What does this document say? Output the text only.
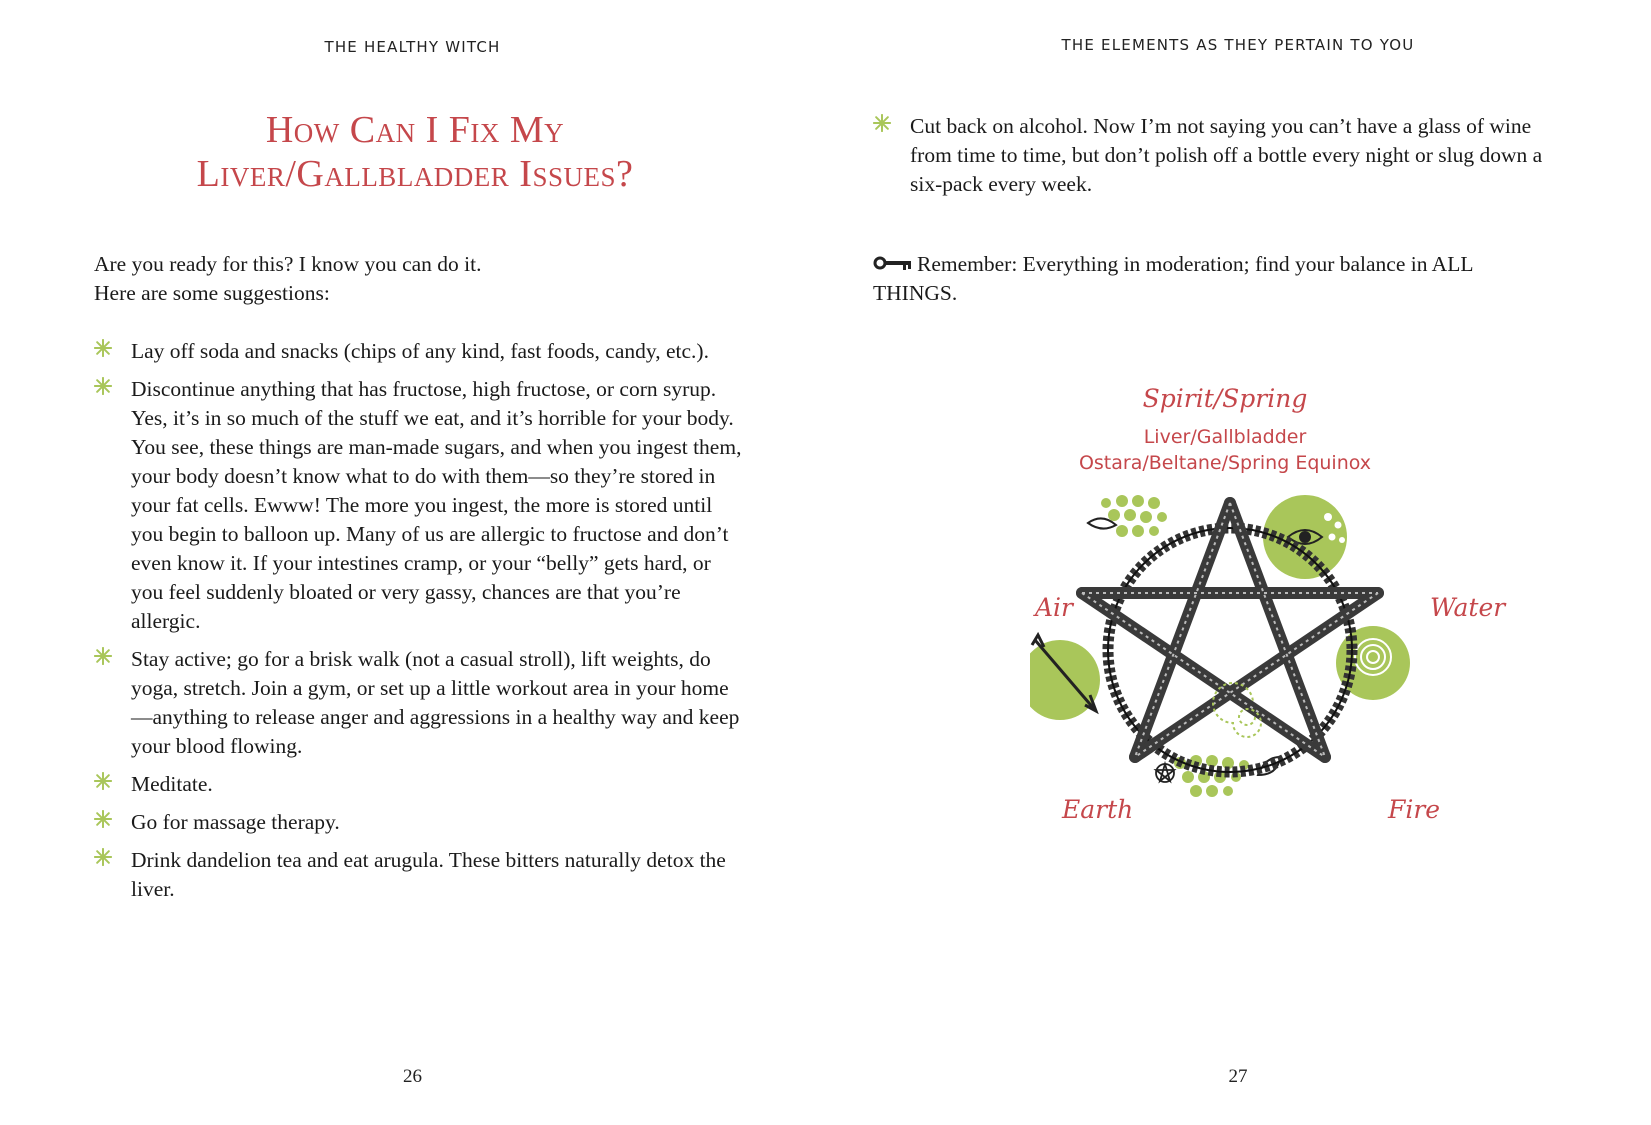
THE HEALTHY WITCH
How Can I Fix My
Liver/Gallbladder Issues?
Are you ready for this? I know you can do it.
Here are some suggestions:
Lay off soda and snacks (chips of any kind, fast foods, candy, etc.).
Discontinue anything that has fructose, high fructose, or corn syrup. Yes, it’s in so much of the stuff we eat, and it’s horrible for your body. You see, these things are man-made sugars, and when you ingest them, your body doesn’t know what to do with them—so they’re stored in your fat cells. Ewww! The more you ingest, the more is stored until you begin to balloon up. Many of us are allergic to fructose and don’t even know it. If your intestines cramp, or your “belly” gets hard, or you feel suddenly bloated or very gassy, chances are that you’re allergic.
Stay active; go for a brisk walk (not a casual stroll), lift weights, do yoga, stretch. Join a gym, or set up a little workout area in your home—anything to release anger and aggressions in a healthy way and keep your blood flowing.
Meditate.
Go for massage therapy.
Drink dandelion tea and eat arugula. These bitters naturally detox the liver.
26
THE ELEMENTS AS THEY PERTAIN TO YOU
Cut back on alcohol. Now I’m not saying you can’t have a glass of wine from time to time, but don’t polish off a bottle every night or slug down a six-pack every week.
Remember: Everything in moderation; find your balance in ALL THINGS.
Spirit/Spring
Liver/Gallbladder
Ostara/Beltane/Spring Equinox
Air	Water
Earth	Fire
27
